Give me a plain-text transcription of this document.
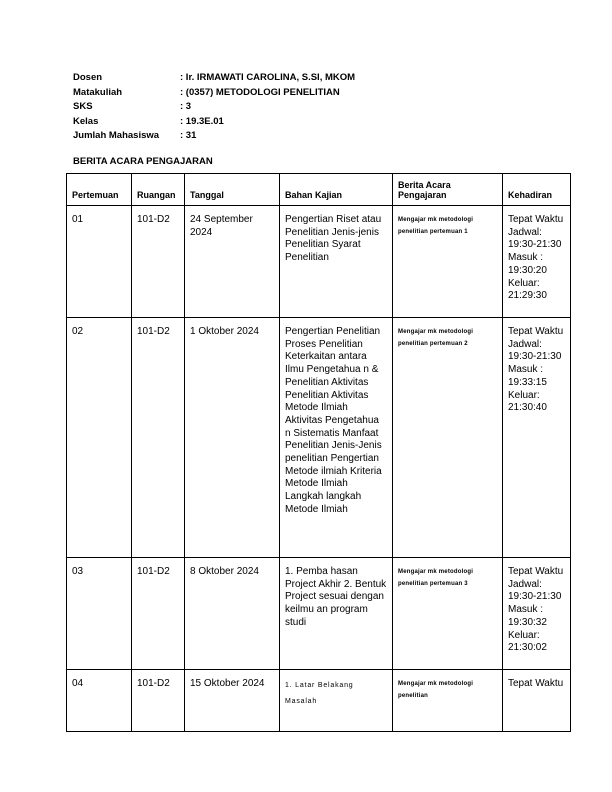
Dosen	: Ir. IRMAWATI CAROLINA, S.SI, MKOM
Matakuliah	: (0357) METODOLOGI PENELITIAN
SKS	: 3
Kelas	: 19.3E.01
Jumlah Mahasiswa	: 31
BERITA ACARA PENGAJARAN
Pertemuan	Ruangan	Tanggal	Bahan Kajian	Berita Acara Pengajaran	Kehadiran
01	101-D2	24 September 2024	Pengertian Riset atau Penelitian Jenis-jenis Penelitian Syarat Penelitian	Mengajar mk metodologi penelitian pertemuan 1	Tepat Waktu Jadwal: 19:30-21:30 Masuk : 19:30:20 Keluar: 21:29:30
02	101-D2	1 Oktober 2024	Pengertian Penelitian Proses Penelitian Keterkaitan antara Ilmu Pengetahua n & Penelitian Aktivitas Penelitian Aktivitas Metode Ilmiah Aktivitas Pengetahua n Sistematis Manfaat Penelitian Jenis-Jenis penelitian Pengertian Metode ilmiah Kriteria Metode Ilmiah Langkah langkah Metode Ilmiah	Mengajar mk metodologi penelitian pertemuan 2	Tepat Waktu Jadwal: 19:30-21:30 Masuk : 19:33:15 Keluar: 21:30:40
03	101-D2	8 Oktober 2024	1. Pemba hasan Project Akhir 2. Bentuk Project sesuai dengan keilmu an program studi	Mengajar mk metodologi penelitian pertemuan 3	Tepat Waktu Jadwal: 19:30-21:30 Masuk : 19:30:32 Keluar: 21:30:02
04	101-D2	15 Oktober 2024	1. Latar Belakang Masalah	Mengajar mk metodologi penelitian	Tepat Waktu
